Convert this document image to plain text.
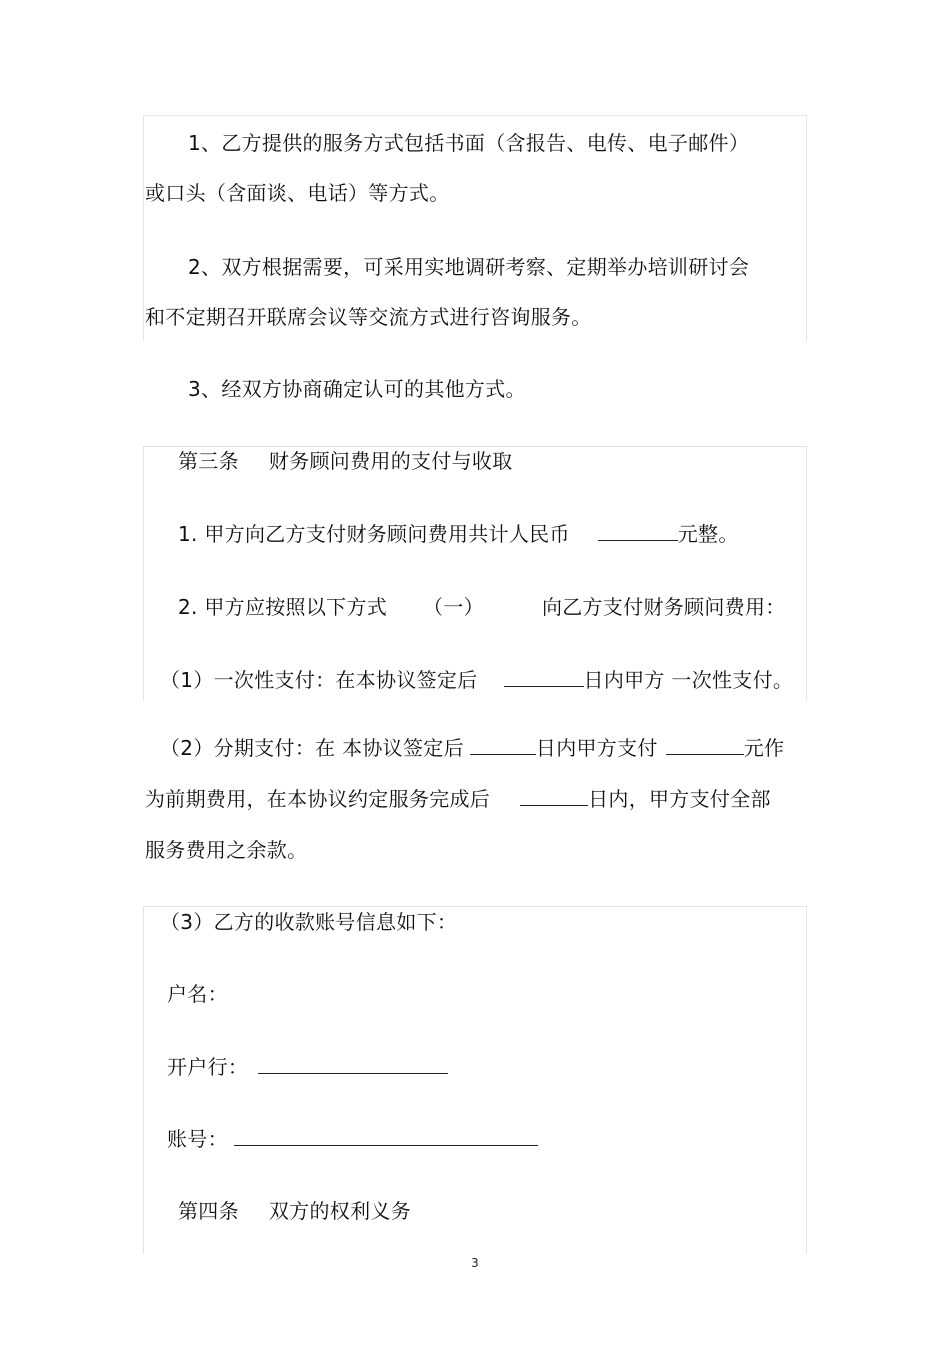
1、乙方提供的服务方式包括书面（含报告、电传、电子邮件）
或口头（含面谈、电话）等方式。
2、双方根据需要，可采用实地调研考察、定期举办培训研讨会
和不定期召开联席会议等交流方式进行咨询服务。
3、经双方协商确定认可的其他方式。
第三条 财务顾问费用的支付与收取
1. 甲方向乙方支付财务顾问费用共计人民币	元整。
2. 甲方应按照以下方式 （一）	向乙方支付财务顾问费用：
（1）一次性支付：在本协议签定后	日内甲方 一次性支付。
（2）分期支付：在 本协议签定后	日内甲方支付	元作
为前期费用，在本协议约定服务完成后	日内，甲方支付全部
服务费用之余款。
（3）乙方的收款账号信息如下：
户名：
开户行：
账号：
第四条 双方的权利义务
3
